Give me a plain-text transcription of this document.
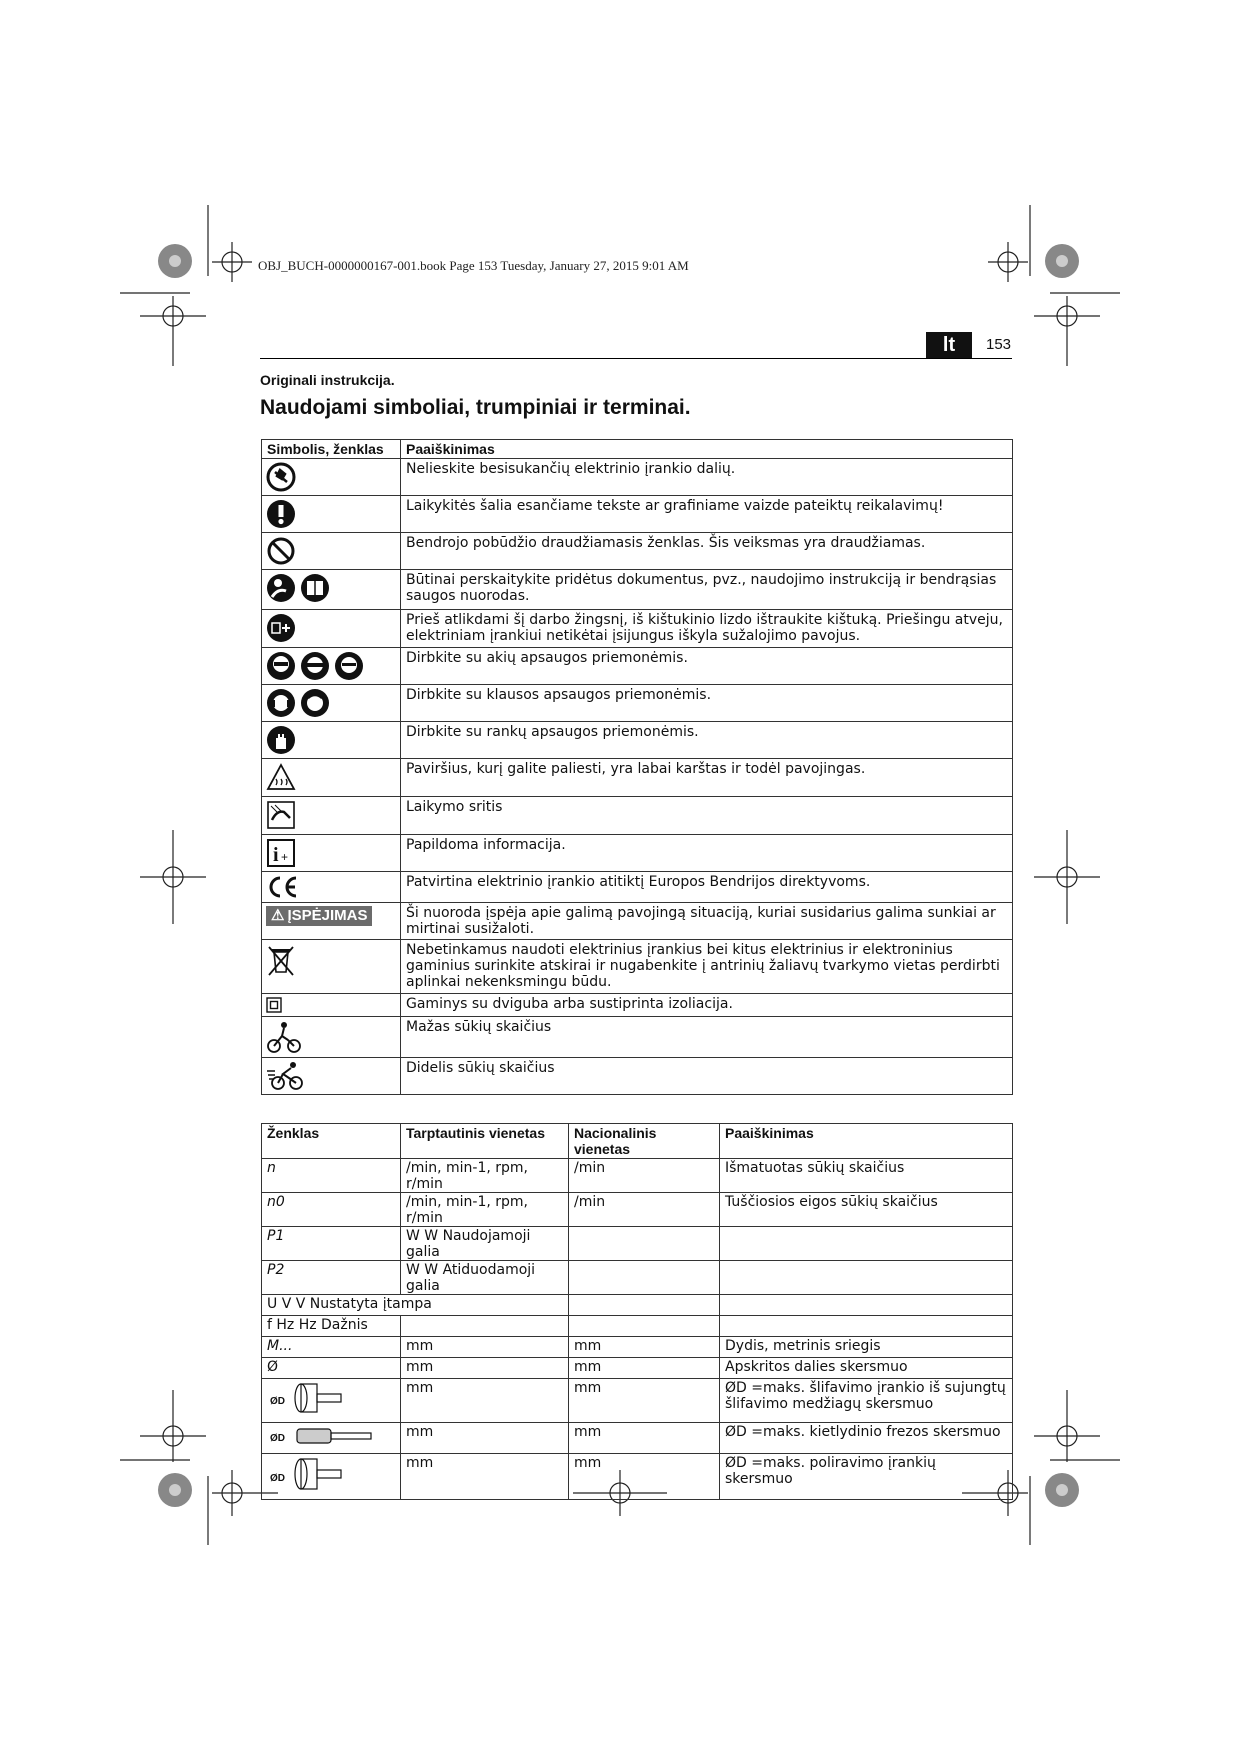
OBJ_BUCH-0000000167-001.book Page 153 Tuesday, January 27, 2015 9:01 AM
lt	153
Originali instrukcija.
Naudojami simboliai, trumpiniai ir terminai.
Simbolis, ženklas	Paaiškinimas

	Nelieskite besisukančių elektrinio įrankio dalių.

	Laikykitės šalia esančiame tekste ar grafiniame vaizde pateiktų reikalavimų!

	Bendrojo pobūdžio draudžiamasis ženklas. Šis veiksmas yra draudžiamas.

	Būtinai perskaitykite pridėtus dokumentus, pvz., naudojimo instrukciją ir bendrąsias saugos nuorodas.

	Prieš atlikdami šį darbo žingsnį, iš kištukinio lizdo ištraukite kištuką. Priešingu atveju, elektriniam įrankiui netikėtai įsijungus iškyla sužalojimo pavojus.

	Dirbkite su akių apsaugos priemonėmis.

	Dirbkite su klausos apsaugos priemonėmis.

	Dirbkite su rankų apsaugos priemonėmis.

	Paviršius, kurį galite paliesti, yra labai karštas ir todėl pavojingas.

	Laikymo sritis

i +	Papildoma informacija.

	Patvirtina elektrinio įrankio atitiktį Europos Bendrijos direktyvoms.

⚠ ĮSPĖJIMAS	Ši nuoroda įspėja apie galimą pavojingą situaciją, kuriai susidarius galima sunkiai ar mirtinai susižaloti.

	Nebetinkamus naudoti elektrinius įrankius bei kitus elektrinius ir elektroninius gaminius surinkite atskirai ir nugabenkite į antrinių žaliavų tvarkymo vietas perdirbti aplinkai nekenksmingu būdu.

	Gaminys su dviguba arba sustiprinta izoliacija.

	Mažas sūkių skaičius

	Didelis sūkių skaičius
Ženklas	Tarptautinis vienetas	Nacionalinis vienetas	Paaiškinimas
n	/min, min-1, rpm, r/min	/min	Išmatuotas sūkių skaičius
n0	/min, min-1, rpm, r/min	/min	Tuščiosios eigos sūkių skaičius
P1	W W Naudojamoji galia		
P2	W W Atiduodamoji galia		
U V V Nustatyta įtampa			
f Hz Hz Dažnis			
M...	mm	mm	Dydis, metrinis sriegis
Ø	mm	mm	Apskritos dalies skersmuo

ØD	mm	mm	ØD =maks. šlifavimo įrankio iš sujungtų šlifavimo medžiagų skersmuo

ØD	mm	mm	ØD =maks. kietlydinio frezos skersmuo

ØD	mm	mm	ØD =maks. poliravimo įrankių skersmuo
